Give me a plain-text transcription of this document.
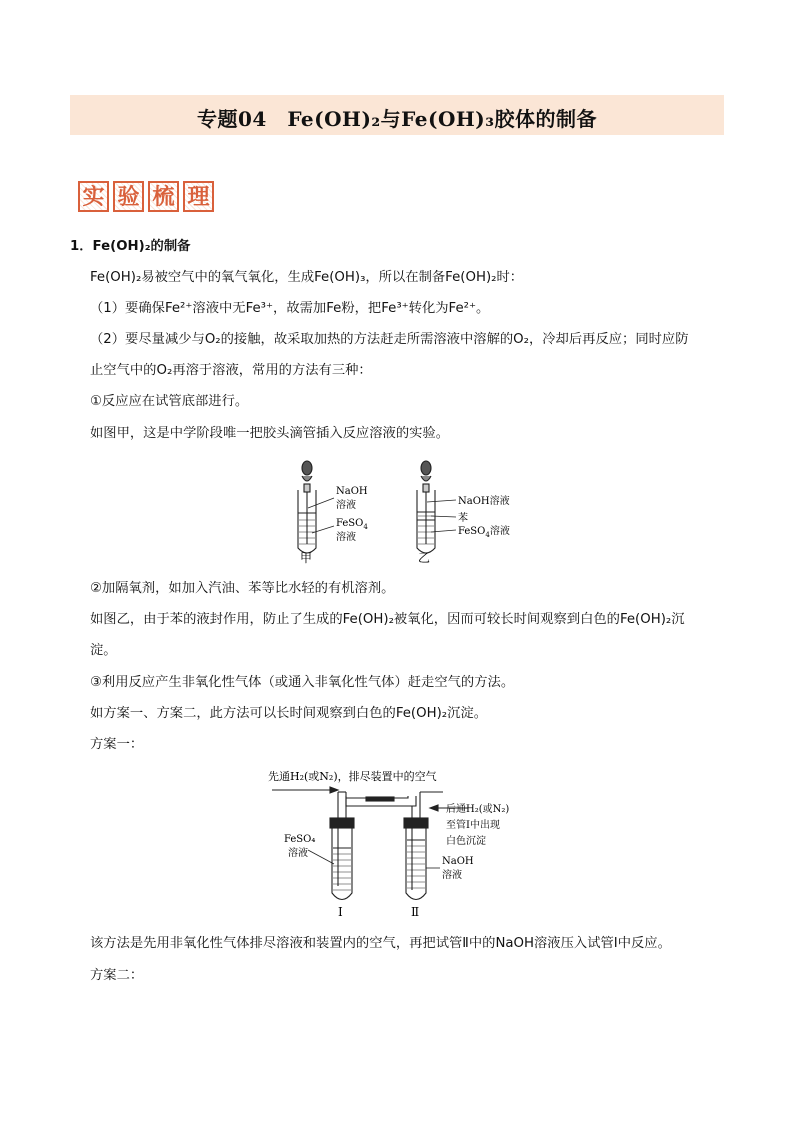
专题04　Fe(OH)₂与Fe(OH)₃胶体的制备
实 验 梳 理
1．Fe(OH)₂的制备
Fe(OH)₂易被空气中的氧气氧化，生成Fe(OH)₃，所以在制备Fe(OH)₂时：
（1）要确保Fe²⁺溶液中无Fe³⁺，故需加Fe粉，把Fe³⁺转化为Fe²⁺。
（2）要尽量减少与O₂的接触，故采取加热的方法赶走所需溶液中溶解的O₂，冷却后再反应；同时应防
止空气中的O₂再溶于溶液，常用的方法有三种：
①反应应在试管底部进行。
如图甲，这是中学阶段唯一把胶头滴管插入反应溶液的实验。
NaOH
溶液
FeSO$_4$
溶液
甲
NaOH溶液
苯
FeSO$_4$溶液
乙
②加隔氧剂，如加入汽油、苯等比水轻的有机溶剂。
如图乙，由于苯的液封作用，防止了生成的Fe(OH)₂被氧化，因而可较长时间观察到白色的Fe(OH)₂沉
淀。
③利用反应产生非氧化性气体（或通入非氧化性气体）赶走空气的方法。
如方案一、方案二，此方法可以长时间观察到白色的Fe(OH)₂沉淀。
方案一：
先通H₂(或N₂)，排尽装置中的空气
后通H₂(或N₂)
至管Ⅰ中出现
白色沉淀
FeSO₄
溶液
NaOH
溶液
Ⅰ	Ⅱ
该方法是先用非氧化性气体排尽溶液和装置内的空气，再把试管Ⅱ中的NaOH溶液压入试管Ⅰ中反应。
方案二：
